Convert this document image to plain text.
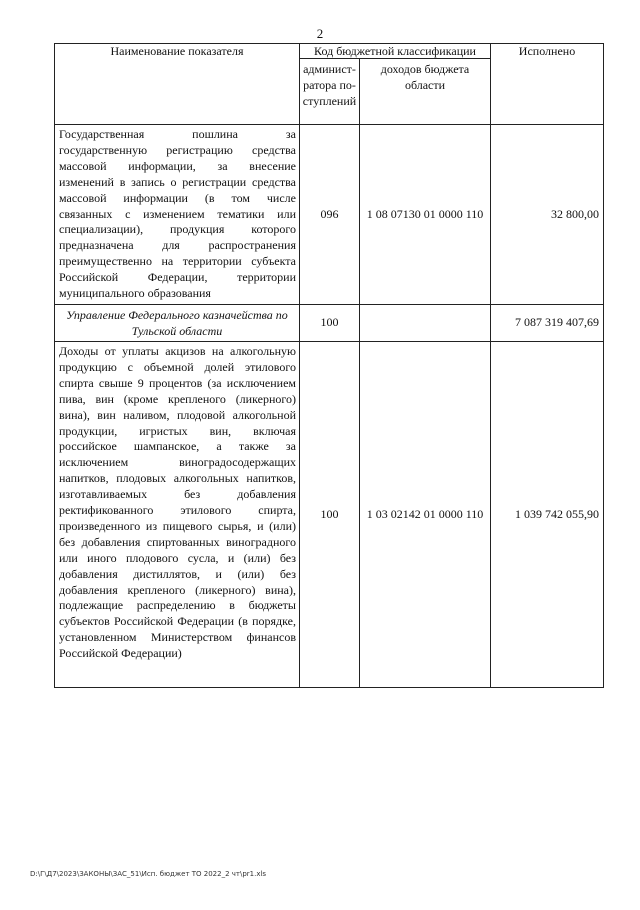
2
Наименование показателя	Код бюджетной классификации		Исполнено
	админист-
ратора по-
ступлений	доходов бюджета
области	
Государственная пошлина за государственную регистрацию средства массовой информации, за внесение изменений в запись о регистрации средства массовой информации (в том числе связанных с изменением тематики или специализации), продукция которого предназначена для распространения преимущественно на территории субъекта Российской Федерации, территории муниципального образования	096	1 08 07130 01 0000 110	32 800,00
Управление Федерального казначейства по Тульской области	100		7 087 319 407,69
Доходы от уплаты акцизов на алкогольную продукцию с объемной долей этилового спирта свыше 9 процентов (за исключением пива, вин (кроме крепленого (ликерного) вина), вин наливом, плодовой алкогольной продукции, игристых вин, включая российское шампанское, а также за исключением виноградосодержащих напитков, плодовых алкогольных напитков, изготавливаемых без добавления ректификованного этилового спирта, произведенного из пищевого сырья, и (или) без добавления спиртованных виноградного или иного плодового сусла, и (или) без добавления дистиллятов, и (или) без добавления крепленого (ликерного) вина), подлежащие распределению в бюджеты субъектов Российской Федерации (в порядке, установленном Министерством финансов Российской Федерации)	100	1 03 02142 01 0000 110	1 039 742 055,90
D:\Г\Д7\2023\ЗАКОНЫ\ЗАС_51\Исп. бюджет ТО 2022_2 чт\pr1.xls
